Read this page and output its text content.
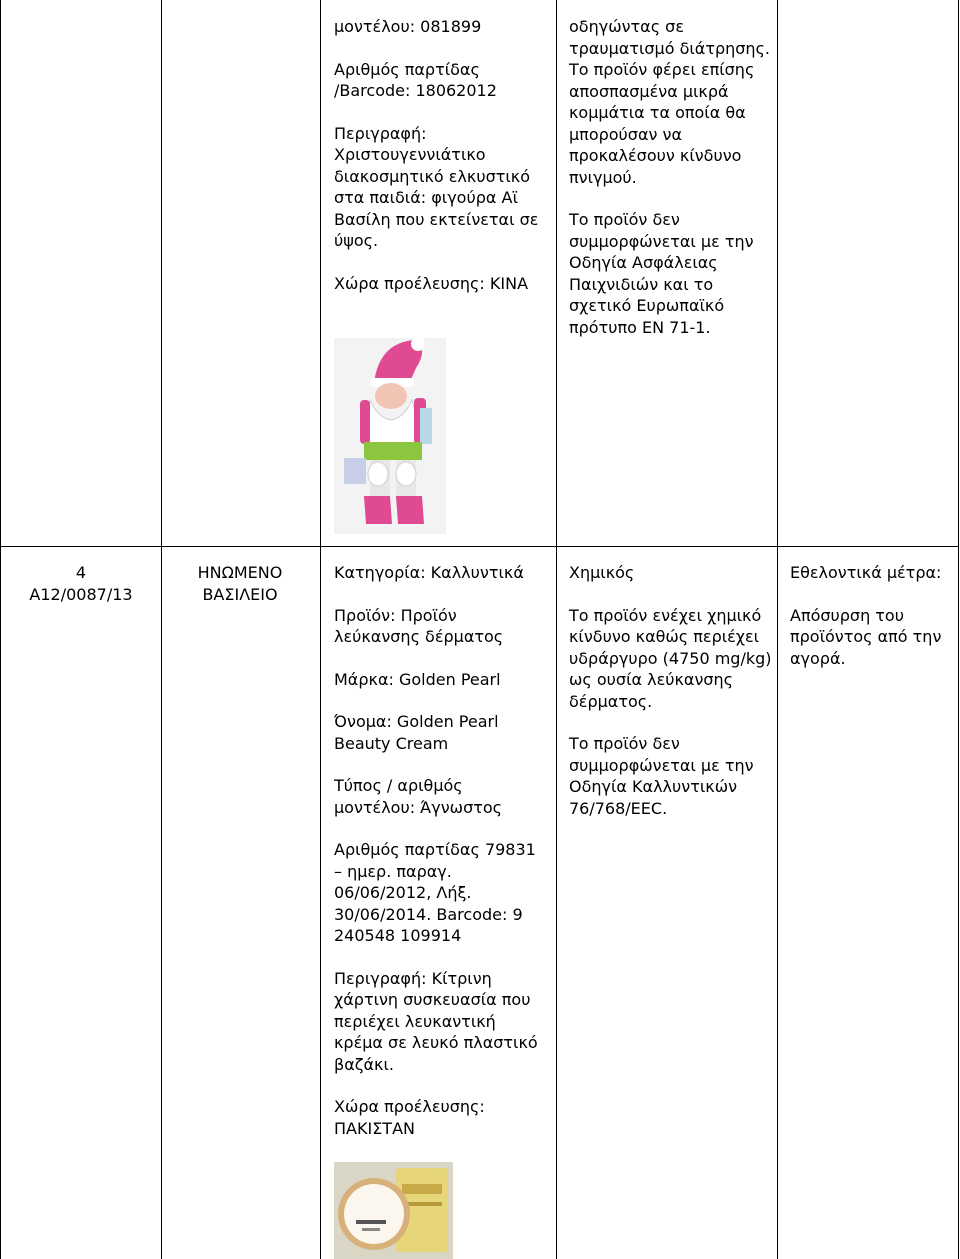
μοντέλου: 081899

Αριθμός παρτίδας /Barcode: 18062012

Περιγραφή: Χριστουγεννιάτικο διακοσμητικό ελκυστικό στα παιδιά: φιγούρα Αϊ Βασίλη που εκτείνεται σε ύψος.

Χώρα προέλευσης: ΚΙΝΑ

οδηγώντας σε τραυματισμό διάτρησης. Το προϊόν φέρει επίσης αποσπασμένα μικρά κομμάτια τα οποία θα μπορούσαν να προκαλέσουν κίνδυνο πνιγμού.

Το προϊόν δεν συμμορφώνεται με την Οδηγία Ασφάλειας Παιχνιδιών και το σχετικό Ευρωπαϊκό πρότυπο ΕΝ 71-1.

4
A12/0087/13
ΗΝΩΜΕΝΟ ΒΑΣΙΛΕΙΟ

Κατηγορία: Καλλυντικά

Προϊόν: Προϊόν λεύκανσης δέρματος

Μάρκα: Golden Pearl

Όνομα: Golden Pearl Beauty Cream

Τύπος / αριθμός μοντέλου: Άγνωστος

Αριθμός παρτίδας 79831 – ημερ. παραγ. 06/06/2012, Λήξ. 30/06/2014. Barcode: 9 240548 109914

Περιγραφή: Κίτρινη χάρτινη συσκευασία που περιέχει λευκαντική κρέμα σε λευκό πλαστικό βαζάκι.

Χώρα προέλευσης: ΠΑΚΙΣΤΑΝ

Χημικός

Το προϊόν ενέχει χημικό κίνδυνο καθώς περιέχει υδράργυρο (4750 mg/kg) ως ουσία λεύκανσης δέρματος.

Το προϊόν δεν συμμορφώνεται με την Οδηγία Καλλυντικών 76/768/ΕΕC.

Εθελοντικά μέτρα:

Απόσυρση του προϊόντος από την αγορά.
